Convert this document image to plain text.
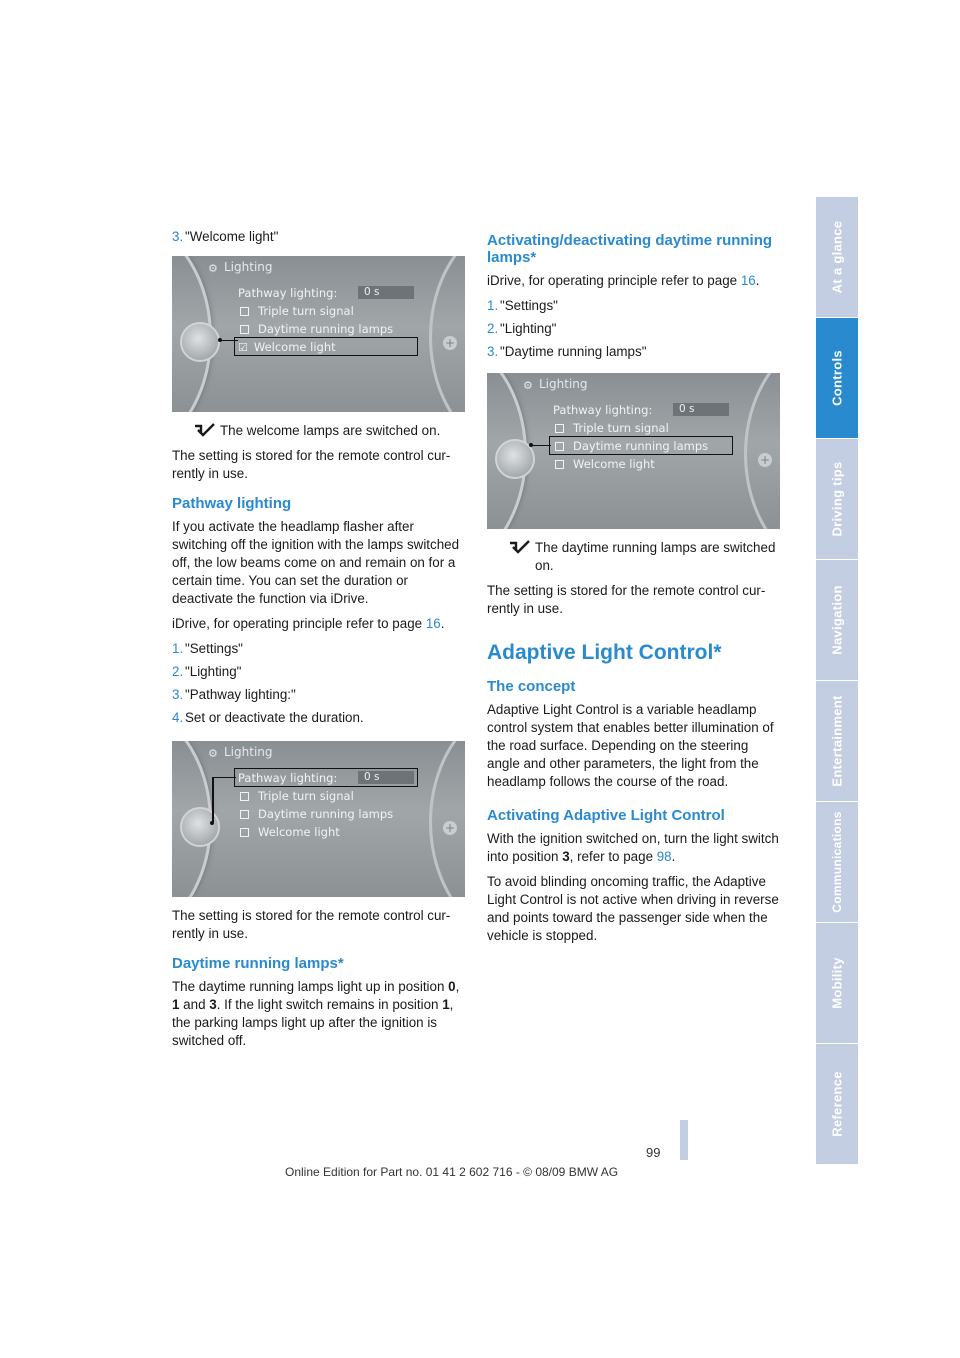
3. "Welcome light"
+
Lighting
⚙
Pathway lighting:	0 s
Triple turn signal
Daytime running lamps
☑ Welcome light

The welcome lamps are switched on.

The setting is stored for the remote control cur-rently in use.

Pathway lighting

If you activate the headlamp flasher after switching off the ignition with the lamps switched off, the low beams come on and remain on for a certain time. You can set the duration or deactivate the function via iDrive.

iDrive, for operating principle refer to page 16.

1. "Settings"
2. "Lighting"
3. "Pathway lighting:"
4. Set or deactivate the duration.
+
Lighting
⚙
Pathway lighting:	0 s
Triple turn signal
Daytime running lamps
Welcome light

The setting is stored for the remote control cur-rently in use.

Daytime running lamps*

The daytime running lamps light up in position 0, 1 and 3. If the light switch remains in position 1, the parking lamps light up after the ignition is switched off.

Activating/deactivating daytime running lamps*

iDrive, for operating principle refer to page 16.

1. "Settings"
2. "Lighting"
3. "Daytime running lamps"
+
Lighting
⚙
Pathway lighting:	0 s
Triple turn signal
Daytime running lamps
Welcome light

The daytime running lamps are switched on.

The setting is stored for the remote control cur-rently in use.

Adaptive Light Control*
The concept

Adaptive Light Control is a variable headlamp control system that enables better illumination of the road surface. Depending on the steering angle and other parameters, the light from the headlamp follows the course of the road.

Activating Adaptive Light Control

With the ignition switched on, turn the light switch into position 3, refer to page 98.

To avoid blinding oncoming traffic, the Adaptive Light Control is not active when driving in reverse and points toward the passenger side when the vehicle is stopped.

At a glance
Controls
Driving tips
Navigation
Entertainment
Communications
Mobility
Reference
99
Online Edition for Part no. 01 41 2 602 716 - © 08/09 BMW AG
